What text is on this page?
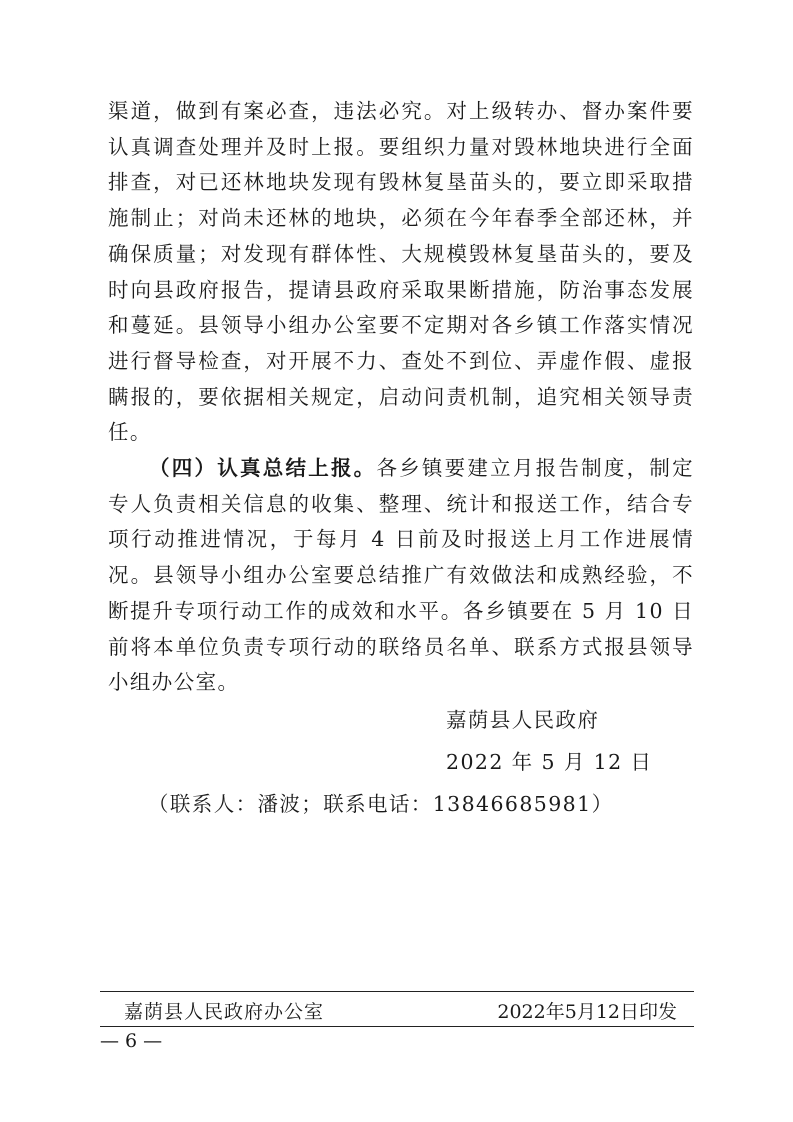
渠道，做到有案必查，违法必究。对上级转办、督办案件要认真调查处理并及时上报。要组织力量对毁林地块进行全面排查，对已还林地块发现有毁林复垦苗头的，要立即采取措施制止；对尚未还林的地块，必须在今年春季全部还林，并确保质量；对发现有群体性、大规模毁林复垦苗头的，要及时向县政府报告，提请县政府采取果断措施，防治事态发展和蔓延。县领导小组办公室要不定期对各乡镇工作落实情况进行督导检查，对开展不力、查处不到位、弄虚作假、虚报瞒报的，要依据相关规定，启动问责机制，追究相关领导责任。

（四）认真总结上报。各乡镇要建立月报告制度，制定专人负责相关信息的收集、整理、统计和报送工作，结合专项行动推进情况，于每月 4 日前及时报送上月工作进展情况。县领导小组办公室要总结推广有效做法和成熟经验，不断提升专项行动工作的成效和水平。各乡镇要在 5 月 10 日前将本单位负责专项行动的联络员名单、联系方式报县领导小组办公室。

嘉荫县人民政府
2022 年 5 月 12 日
（联系人：潘波；联系电话：13846685981）
嘉荫县人民政府办公室	2022年5月12日印发
— 6 —
